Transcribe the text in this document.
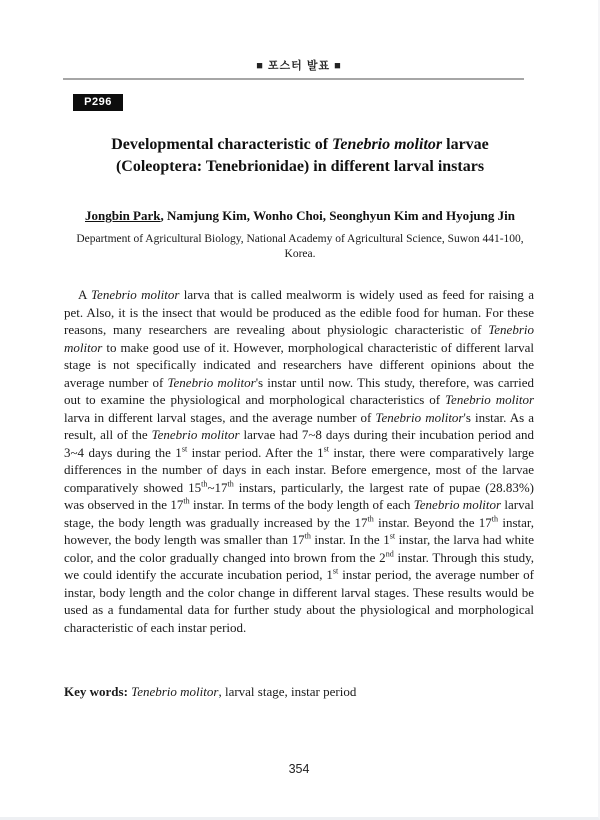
■ 포스터 발표 ■
P296
Developmental characteristic of Tenebrio molitor larvae (Coleoptera: Tenebrionidae) in different larval instars
Jongbin Park, Namjung Kim, Wonho Choi, Seonghyun Kim and Hyojung Jin
Department of Agricultural Biology, National Academy of Agricultural Science, Suwon 441-100, Korea.

A Tenebrio molitor larva that is called mealworm is widely used as feed for raising a pet. Also, it is the insect that would be produced as the edible food for human. For these reasons, many researchers are revealing about physiologic characteristic of Tenebrio molitor to make good use of it. However, morphological characteristic of different larval stage is not specifically indicated and researchers have different opinions about the average number of Tenebrio molitor's instar until now. This study, therefore, was carried out to examine the physiological and morphological characteristics of Tenebrio molitor larva in different larval stages, and the average number of Tenebrio molitor's instar. As a result, all of the Tenebrio molitor larvae had 7~8 days during their incubation period and 3~4 days during the 1st instar period. After the 1st instar, there were comparatively large differences in the number of days in each instar. Before emergence, most of the larvae comparatively showed 15th~17th instars, particularly, the largest rate of pupae (28.83%) was observed in the 17th instar. In terms of the body length of each Tenebrio molitor larval stage, the body length was gradually increased by the 17th instar. Beyond the 17th instar, however, the body length was smaller than 17th instar. In the 1st instar, the larva had white color, and the color gradually changed into brown from the 2nd instar. Through this study, we could identify the accurate incubation period, 1st instar period, the average number of instar, body length and the color change in different larval stages. These results would be used as a fundamental data for further study about the physiological and morphological characteristic of each instar period.

Key words: Tenebrio molitor, larval stage, instar period
354
